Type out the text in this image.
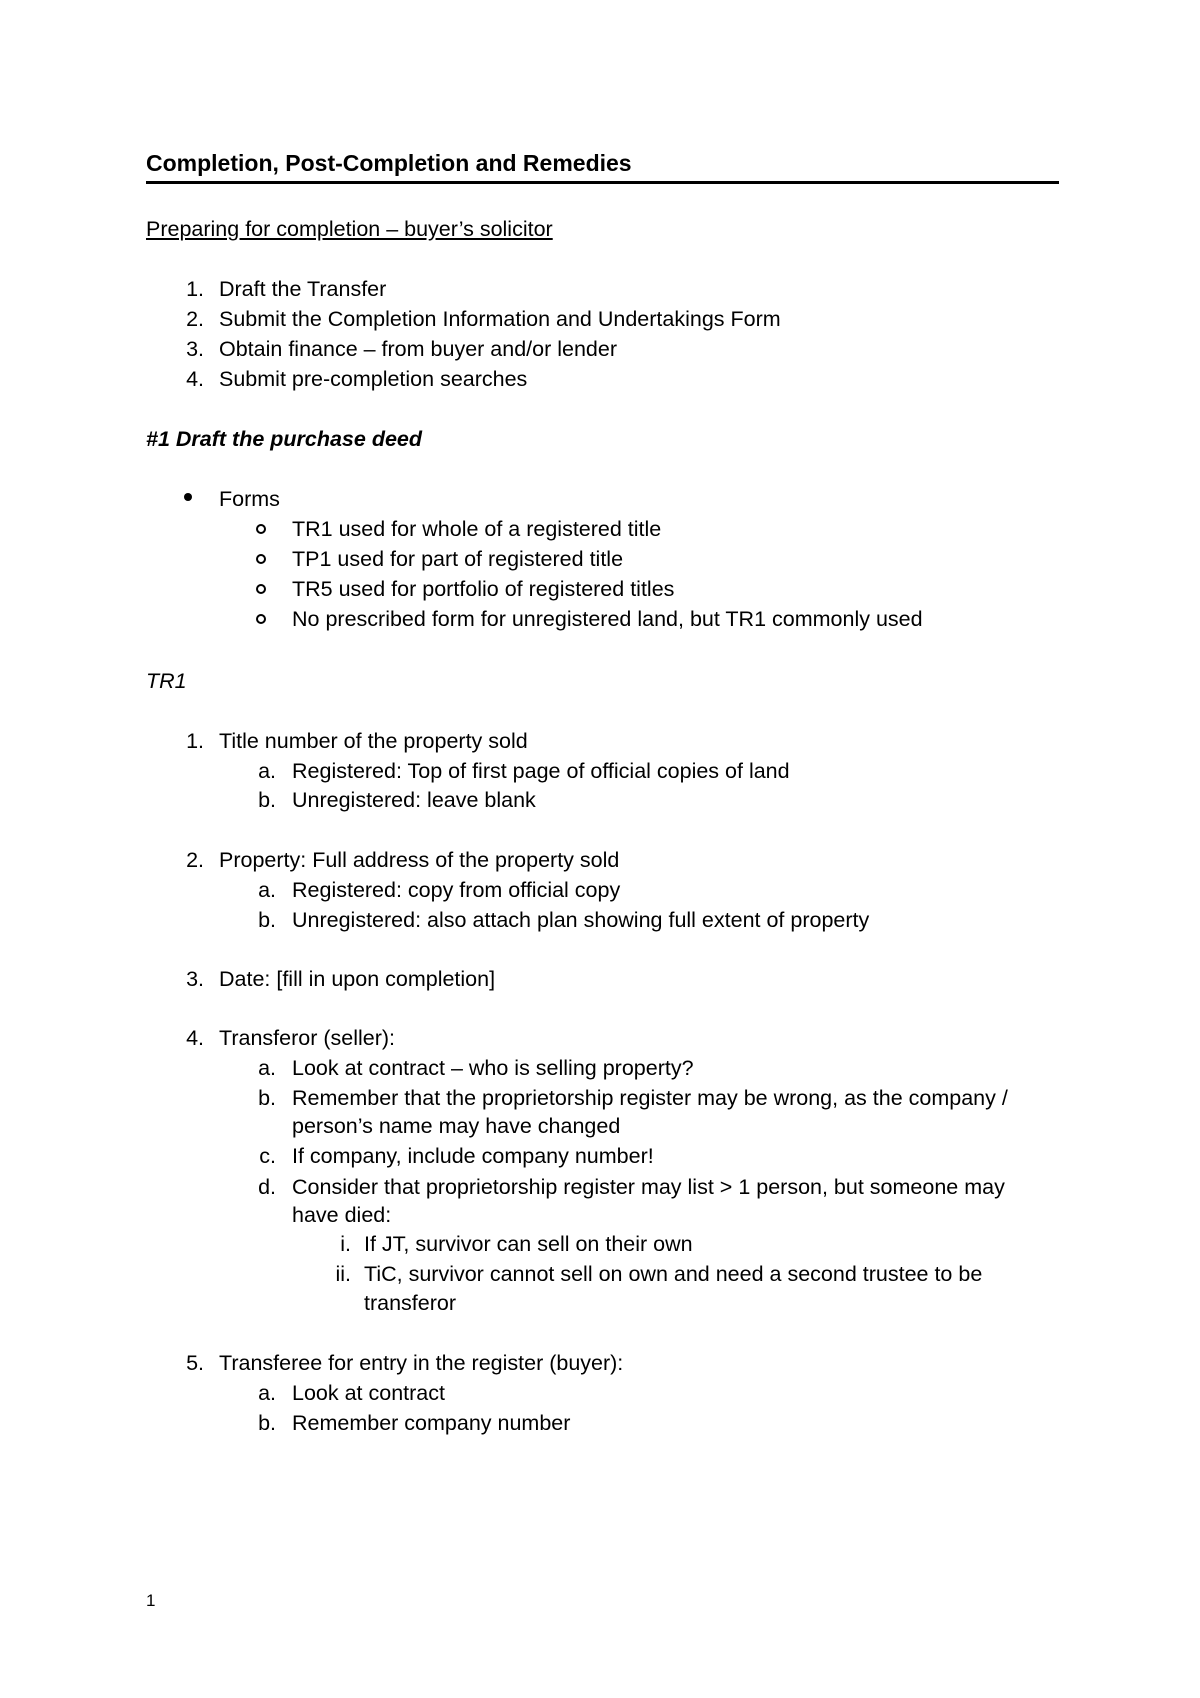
Completion, Post-Completion and Remedies
Preparing for completion – buyer’s solicitor
1. Draft the Transfer
2. Submit the Completion Information and Undertakings Form
3. Obtain finance – from buyer and/or lender
4. Submit pre-completion searches
#1 Draft the purchase deed
Forms
TR1 used for whole of a registered title
TP1 used for part of registered title
TR5 used for portfolio of registered titles
No prescribed form for unregistered land, but TR1 commonly used
TR1
1. Title number of the property sold
a. Registered: Top of first page of official copies of land
b. Unregistered: leave blank
2. Property: Full address of the property sold
a. Registered: copy from official copy
b. Unregistered: also attach plan showing full extent of property
3. Date: [fill in upon completion]
4. Transferor (seller):
a. Look at contract – who is selling property?
b. Remember that the proprietorship register may be wrong, as the company /
person’s name may have changed
c. If company, include company number!
d. Consider that proprietorship register may list > 1 person, but someone may
have died:
i. If JT, survivor can sell on their own
ii. TiC, survivor cannot sell on own and need a second trustee to be
transferor
5. Transferee for entry in the register (buyer):
a. Look at contract
b. Remember company number
1
